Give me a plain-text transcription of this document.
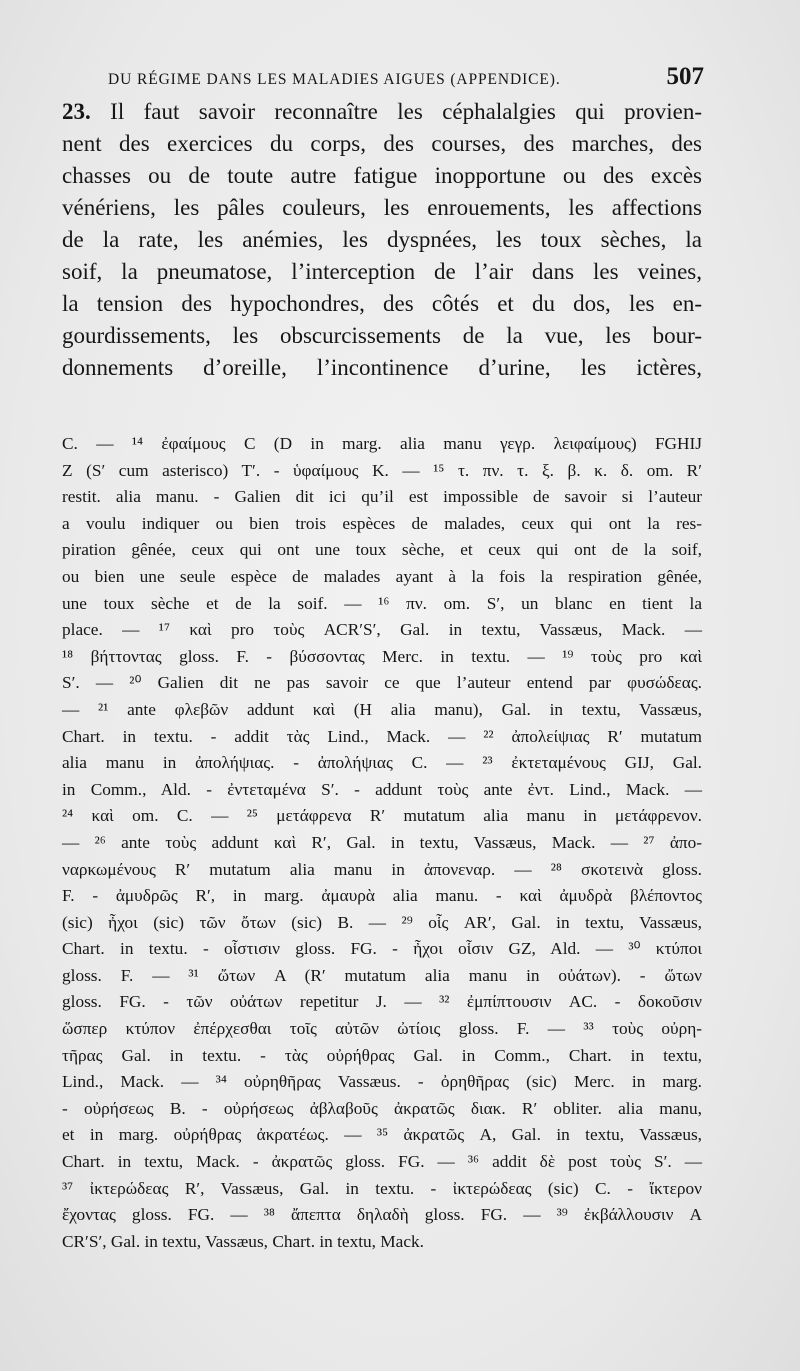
DU RÉGIME DANS LES MALADIES AIGUES (APPENDICE).	507
23. Il faut savoir reconnaître les céphalalgies qui provien-
nent des exercices du corps, des courses, des marches, des
chasses ou de toute autre fatigue inopportune ou des excès
vénériens, les pâles couleurs, les enrouements, les affections
de la rate, les anémies, les dyspnées, les toux sèches, la
soif, la pneumatose, l’interception de l’air dans les veines,
la tension des hypochondres, des côtés et du dos, les en-
gourdissements, les obscurcissements de la vue, les bour-
donnements d’oreille, l’incontinence d’urine, les ictères,
C. — ¹⁴ ἐφαίμους C (D in marg. alia manu γεγρ. λειφαίμους) FGHIJ
Z (S′ cum asterisco) T′. - ὑφαίμους K. — ¹⁵ τ. πν. τ. ξ. β. κ. δ. om. R′
restit. alia manu. - Galien dit ici qu’il est impossible de savoir si l’auteur
a voulu indiquer ou bien trois espèces de malades, ceux qui ont la res-
piration gênée, ceux qui ont une toux sèche, et ceux qui ont de la soif,
ou bien une seule espèce de malades ayant à la fois la respiration gênée,
une toux sèche et de la soif. — ¹⁶ πν. om. S′, un blanc en tient la
place. — ¹⁷ καὶ pro τοὺς ACR′S′, Gal. in textu, Vassæus, Mack. —
¹⁸ βήττοντας gloss. F. - βύσσοντας Merc. in textu. — ¹⁹ τοὺς pro καὶ
S′. — ²⁰ Galien dit ne pas savoir ce que l’auteur entend par φυσώδεας.
— ²¹ ante φλεβῶν addunt καὶ (H alia manu), Gal. in textu, Vassæus,
Chart. in textu. - addit τὰς Lind., Mack. — ²² ἀπολείψιας R′ mutatum
alia manu in ἀπολήψιας. - ἀπολήψιας C. — ²³ ἐκτεταμένους GIJ, Gal.
in Comm., Ald. - ἐντεταμένα S′. - addunt τοὺς ante ἐντ. Lind., Mack. —
²⁴ καὶ om. C. — ²⁵ μετάφρενα R′ mutatum alia manu in μετάφρενον.
— ²⁶ ante τοὺς addunt καὶ R′, Gal. in textu, Vassæus, Mack. — ²⁷ ἀπο-
ναρκωμένους R′ mutatum alia manu in ἀπονεναρ. — ²⁸ σκοτεινὰ gloss.
F. - ἀμυδρῶς R′, in marg. ἀμαυρὰ alia manu. - καὶ ἀμυδρὰ βλέποντος
(sic) ἦχοι (sic) τῶν ὄτων (sic) B. — ²⁹ οἷς AR′, Gal. in textu, Vassæus,
Chart. in textu. - οἷστισιν gloss. FG. - ἦχοι οἷσιν GZ, Ald. — ³⁰ κτύποι
gloss. F. — ³¹ ὤτων A (R′ mutatum alia manu in οὐάτων). - ὤτων
gloss. FG. - τῶν οὐάτων repetitur J. — ³² ἐμπίπτουσιν AC. - δοκοῦσιν
ὥσπερ κτύπον ἐπέρχεσθαι τοῖς αὐτῶν ὠτίοις gloss. F. — ³³ τοὺς οὐρη-
τῆρας Gal. in textu. - τὰς οὐρήθρας Gal. in Comm., Chart. in textu,
Lind., Mack. — ³⁴ οὐρηθῆρας Vassæus. - ὀρηθῆρας (sic) Merc. in marg.
- οὐρήσεως B. - οὐρήσεως ἀβλαβοῦς ἀκρατῶς διακ. R′ obliter. alia manu,
et in marg. οὐρήθρας ἀκρατέως. — ³⁵ ἀκρατῶς A, Gal. in textu, Vassæus,
Chart. in textu, Mack. - ἀκρατῶς gloss. FG. — ³⁶ addit δὲ post τοὺς S′. —
³⁷ ἰκτερώδεας R′, Vassæus, Gal. in textu. - ἰκτερώδεας (sic) C. - ἴκτερον
ἔχοντας gloss. FG. — ³⁸ ἄπεπτα δηλαδὴ gloss. FG. — ³⁹ ἐκβάλλουσιν A
CR′S′, Gal. in textu, Vassæus, Chart. in textu, Mack.
